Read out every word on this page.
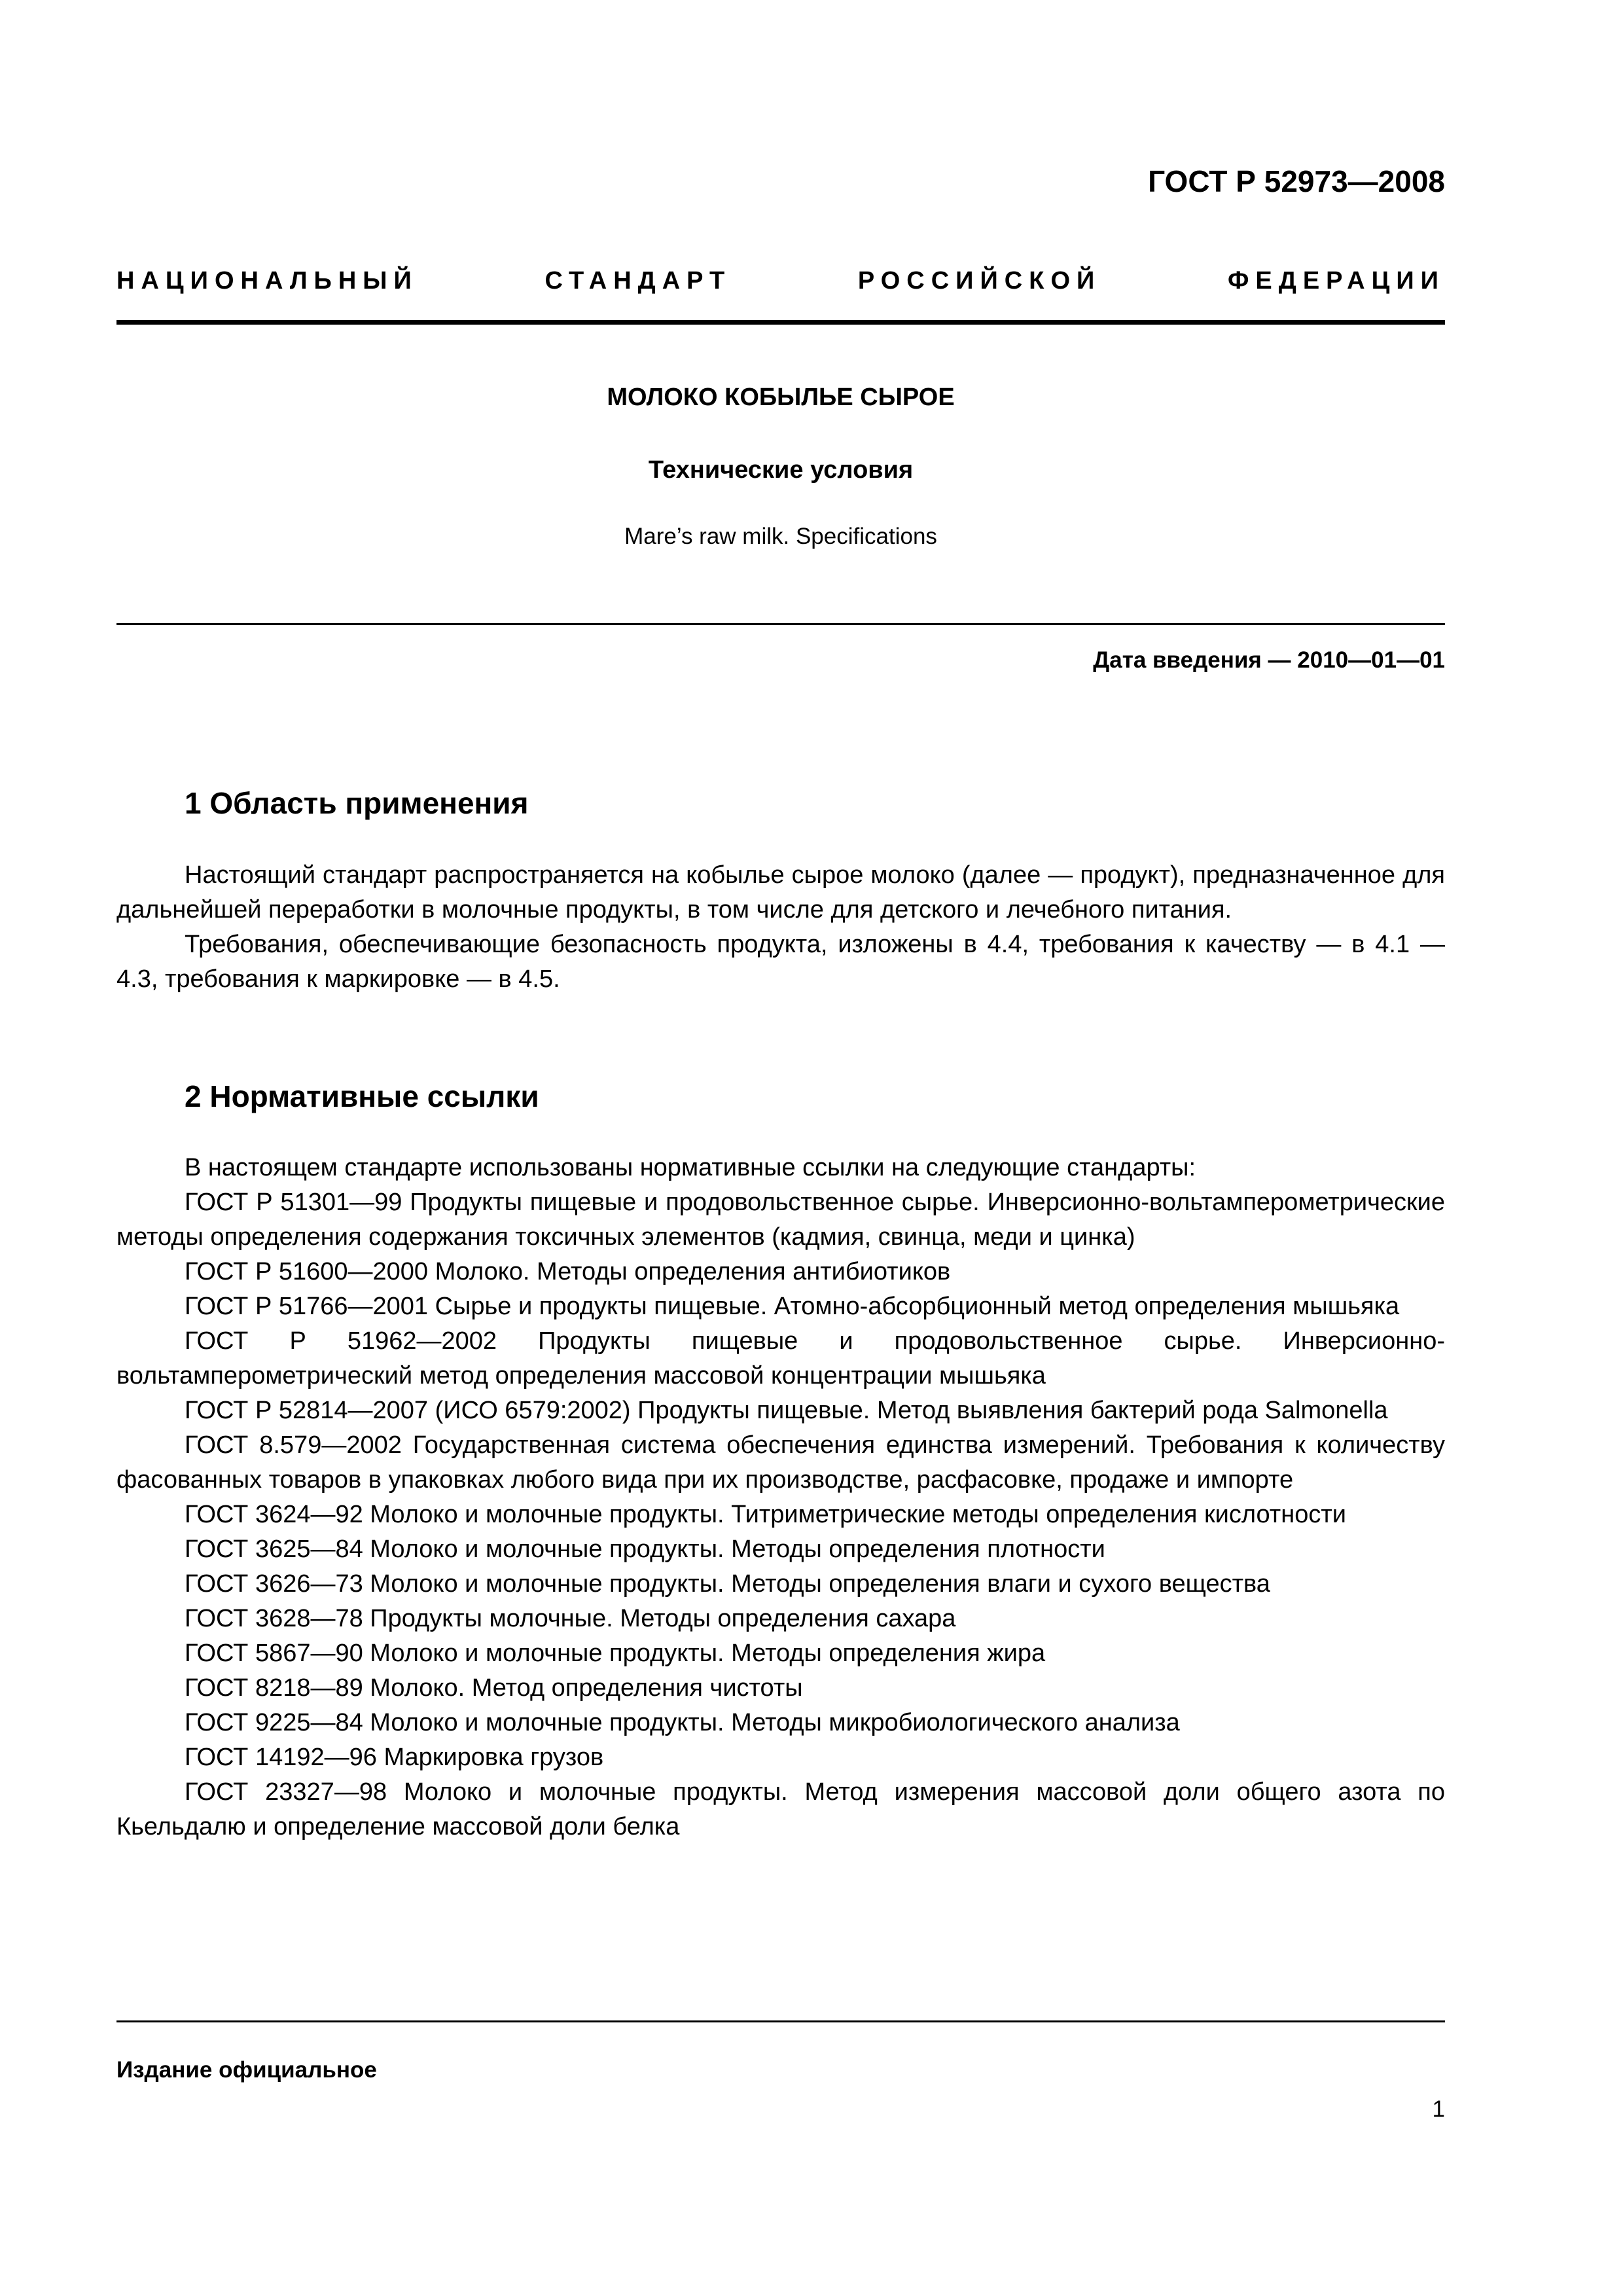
ГОСТ Р 52973—2008
НАЦИОНАЛЬНЫЙ	СТАНДАРТ	РОССИЙСКОЙ	ФЕДЕРАЦИИ
МОЛОКО КОБЫЛЬЕ СЫРОЕ
Технические условия
Mare’s raw milk. Specifications
Дата введения — 2010—01—01
1 Область применения

Настоящий стандарт распространяется на кобылье сырое молоко (далее — продукт), предназначенное для дальнейшей переработки в молочные продукты, в том числе для детского и лечебного питания.

Требования, обеспечивающие безопасность продукта, изложены в 4.4, требования к качеству — в 4.1 — 4.3, требования к маркировке — в 4.5.

2 Нормативные ссылки

В настоящем стандарте использованы нормативные ссылки на следующие стандарты:

ГОСТ Р 51301—99 Продукты пищевые и продовольственное сырье. Инверсионно-вольтамперометрические методы определения содержания токсичных элементов (кадмия, свинца, меди и цинка)

ГОСТ Р 51600—2000 Молоко. Методы определения антибиотиков

ГОСТ Р 51766—2001 Сырье и продукты пищевые. Атомно-абсорбционный метод определения мышьяка

ГОСТ Р 51962—2002 Продукты пищевые и продовольственное сырье. Инверсионно-вольтамперометрический метод определения массовой концентрации мышьяка

ГОСТ Р 52814—2007 (ИСО 6579:2002) Продукты пищевые. Метод выявления бактерий рода Salmonella

ГОСТ 8.579—2002 Государственная система обеспечения единства измерений. Требования к количеству фасованных товаров в упаковках любого вида при их производстве, расфасовке, продаже и импорте

ГОСТ 3624—92 Молоко и молочные продукты. Титриметрические методы определения кислотности

ГОСТ 3625—84 Молоко и молочные продукты. Методы определения плотности

ГОСТ 3626—73 Молоко и молочные продукты. Методы определения влаги и сухого вещества

ГОСТ 3628—78 Продукты молочные. Методы определения сахара

ГОСТ 5867—90 Молоко и молочные продукты. Методы определения жира

ГОСТ 8218—89 Молоко. Метод определения чистоты

ГОСТ 9225—84 Молоко и молочные продукты. Методы микробиологического анализа

ГОСТ 14192—96 Маркировка грузов

ГОСТ 23327—98 Молоко и молочные продукты. Метод измерения массовой доли общего азота по Кьельдалю и определение массовой доли белка

Издание официальное
1
